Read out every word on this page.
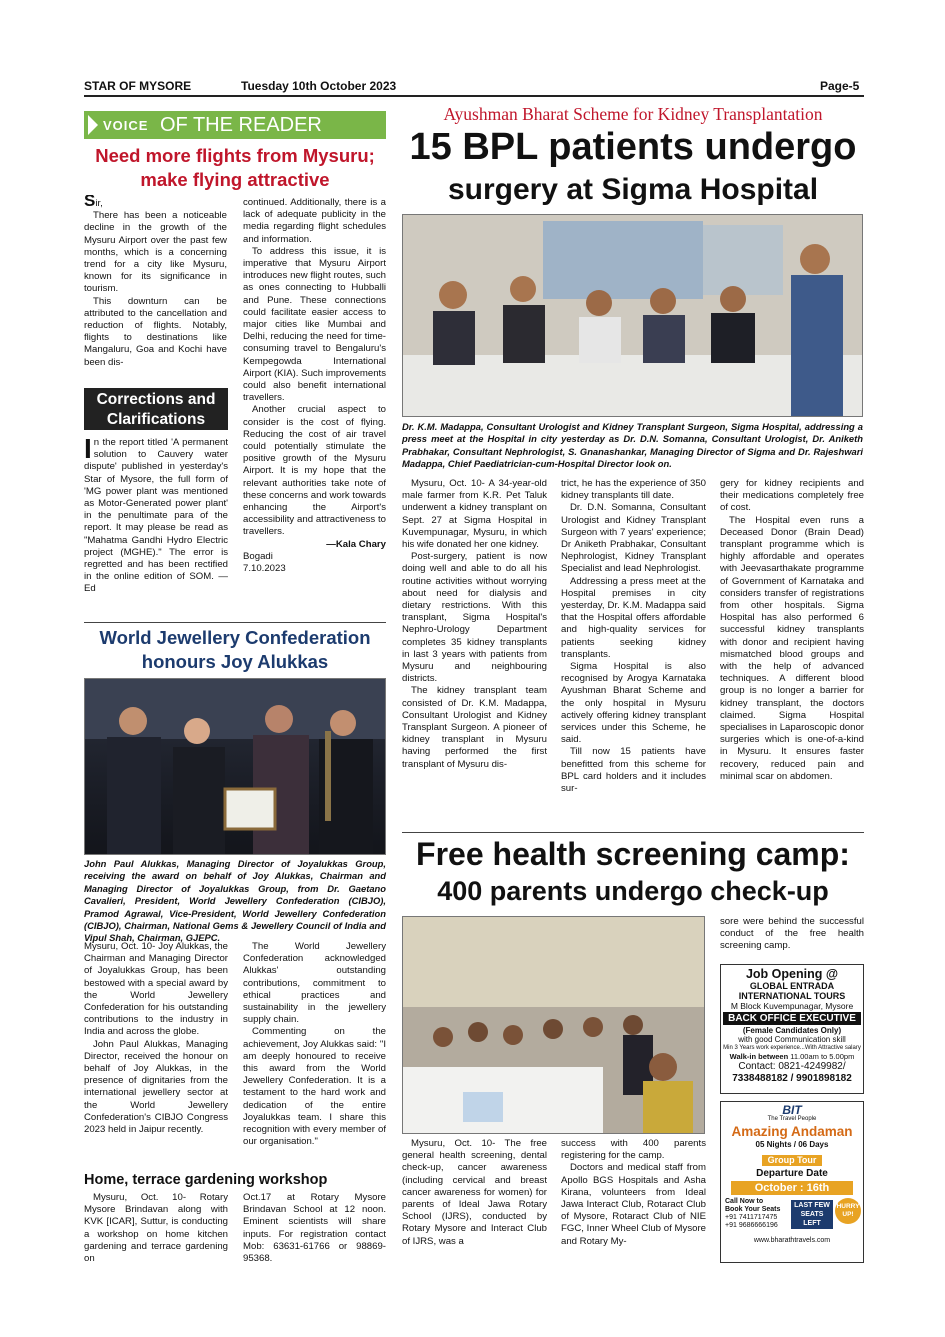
STAR OF MYSORE	Tuesday 10th October 2023	Page-5
VOICE OF THE READER
Need more flights from Mysuru;
make flying attractive

Sir,

There has been a noticeable decline in the growth of the Mysuru Airport over the past few months, which is a concerning trend for a city like Mysuru, known for its significance in tourism.

This downturn can be attributed to the cancellation and reduction of flights. Notably, flights to destinations like Mangaluru, Goa and Kochi have been dis-

continued. Additionally, there is a lack of adequate publicity in the media regarding flight schedules and information.

To address this issue, it is imperative that Mysuru Airport introduces new flight routes, such as ones connecting to Hubballi and Pune. These connections could facilitate easier access to major cities like Mumbai and Delhi, reducing the need for time-consuming travel to Bengaluru's Kempegowda International Airport (KIA). Such improvements could also benefit international travellers.

Another crucial aspect to consider is the cost of flying. Reducing the cost of air travel could potentially stimulate the positive growth of the Mysuru Airport. It is my hope that the relevant authorities take note of these concerns and work towards enhancing the Airport's accessibility and attractiveness to travellers.

—Kala Chary

Bogadi

7.10.2023

Corrections and
Clarifications

In the report titled 'A permanent solution to Cauvery water dispute' published in yesterday's Star of Mysore, the full form of 'MG power plant was mentioned as Motor-Generated power plant' in the penultimate para of the report. It may please be read as "Mahatma Gandhi Hydro Electric project (MGHE)." The error is regretted and has been rectified in the online edition of SOM. —Ed

World Jewellery Confederation
honours Joy Alukkas
John Paul Alukkas, Managing Director of Joyalukkas Group, receiving the award on behalf of Joy Alukkas, Chairman and Managing Director of Joyalukkas Group, from Dr. Gaetano Cavalieri, President, World Jewellery Confederation (CIBJO), Pramod Agrawal, Vice-President, World Jewellery Confederation (CIBJO), Chairman, National Gems & Jewellery Council of India and Vipul Shah, Chairman, GJEPC.

Mysuru, Oct. 10- Joy Alukkas, the Chairman and Managing Director of Joyalukkas Group, has been bestowed with a special award by the World Jewellery Confederation for his outstanding contributions to the industry in India and across the globe.

John Paul Alukkas, Managing Director, received the honour on behalf of Joy Alukkas, in the presence of dignitaries from the international jewellery sector at the World Jewellery Confederation's CIBJO Congress 2023 held in Jaipur recently.

The World Jewellery Confederation acknowledged Alukkas' outstanding contributions, commitment to ethical practices and sustainability in the jewellery supply chain.

Commenting on the achievement, Joy Alukkas said: "I am deeply honoured to receive this award from the World Jewellery Confederation. It is a testament to the hard work and dedication of the entire Joyalukkas team. I share this recognition with every member of our organisation."

Home, terrace gardening workshop

Mysuru, Oct. 10- Rotary Mysore Brindavan along with KVK [ICAR], Suttur, is conducting a workshop on home kitchen gardening and terrace gardening on

Oct.17 at Rotary Mysore Brindavan School at 12 noon. Eminent scientists will share inputs. For registration contact Mob: 63631-61766 or 98869-95368.

Ayushman Bharat Scheme for Kidney Transplantation
15 BPL patients undergo
surgery at Sigma Hospital
Dr. K.M. Madappa, Consultant Urologist and Kidney Transplant Surgeon, Sigma Hospital, addressing a press meet at the Hospital in city yesterday as Dr. D.N. Somanna, Consultant Urologist, Dr. Aniketh Prabhakar, Consultant Nephrologist, S. Gnanashankar, Managing Director of Sigma and Dr. Rajeshwari Madappa, Chief Paediatrician-cum-Hospital Director look on.

Mysuru, Oct. 10- A 34-year-old male farmer from K.R. Pet Taluk underwent a kidney transplant on Sept. 27 at Sigma Hospital in Kuvempunagar, Mysuru, in which his wife donated her one kidney.

Post-surgery, patient is now doing well and able to do all his routine activities without worrying about need for dialysis and dietary restrictions. With this transplant, Sigma Hospital's Nephro-Urology Department completes 35 kidney transplants in last 3 years with patients from Mysuru and neighbouring districts.

The kidney transplant team consisted of Dr. K.M. Madappa, Consultant Urologist and Kidney Transplant Surgeon. A pioneer of kidney transplant in Mysuru having performed the first transplant of Mysuru dis-

trict, he has the experience of 350 kidney transplants till date.

Dr. D.N. Somanna, Consultant Urologist and Kidney Transplant Surgeon with 7 years' experience; Dr Aniketh Prabhakar, Consultant Nephrologist, Kidney Transplant Specialist and lead Nephrologist.

Addressing a press meet at the Hospital premises in city yesterday, Dr. K.M. Madappa said that the Hospital offers affordable and high-quality services for patients seeking kidney transplants.

Sigma Hospital is also recognised by Arogya Karnataka Ayushman Bharat Scheme and the only hospital in Mysuru actively offering kidney transplant services under this Scheme, he said.

Till now 15 patients have benefitted from this scheme for BPL card holders and it includes sur-

gery for kidney recipients and their medications completely free of cost.

The Hospital even runs a Deceased Donor (Brain Dead) transplant programme which is highly affordable and operates with Jeevasarthakate programme of Government of Karnataka and considers transfer of registrations from other hospitals. Sigma Hospital has also performed 6 successful kidney transplants with donor and recipient having mismatched blood groups and with the help of advanced techniques. A different blood group is no longer a barrier for kidney transplant, the doctors claimed. Sigma Hospital specialises in Laparoscopic donor surgeries which is one-of-a-kind in Mysuru. It ensures faster recovery, reduced pain and minimal scar on abdomen.

Free health screening camp:
400 parents undergo check-up

sore were behind the successful conduct of the free health screening camp.

Mysuru, Oct. 10- The free general health screening, dental check-up, cancer awareness (including cervical and breast cancer awareness for women) for parents of Ideal Jawa Rotary School (IJRS), conducted by Rotary Mysore and Interact Club of IJRS, was a

success with 400 parents registering for the camp.

Doctors and medical staff from Apollo BGS Hospitals and Asha Kirana, volunteers from Ideal Jawa Interact Club, Rotaract Club of Mysore, Rotaract Club of NIE FGC, Inner Wheel Club of Mysore and Rotary My-

Job Opening @
GLOBAL ENTRADA
INTERNATIONAL TOURS
M Block Kuvempunagar, Mysore
BACK OFFICE EXECUTIVE
(Female Candidates Only)
with good Communication skill
Min 3 Years work experience...With Attractive salary
Walk-in between 11.00am to 5.00pm
Contact: 0821-4249982/
7338488182 / 9901898182
BIT
The Travel People
Amazing Andaman
05 Nights / 06 Days
Group Tour
Departure Date
October : 16th
Call Now to
Book Your Seats
+91 7411717475
+91 9686666196
LAST FEW SEATS LEFT
HURRY UP!
www.bharathtravels.com
